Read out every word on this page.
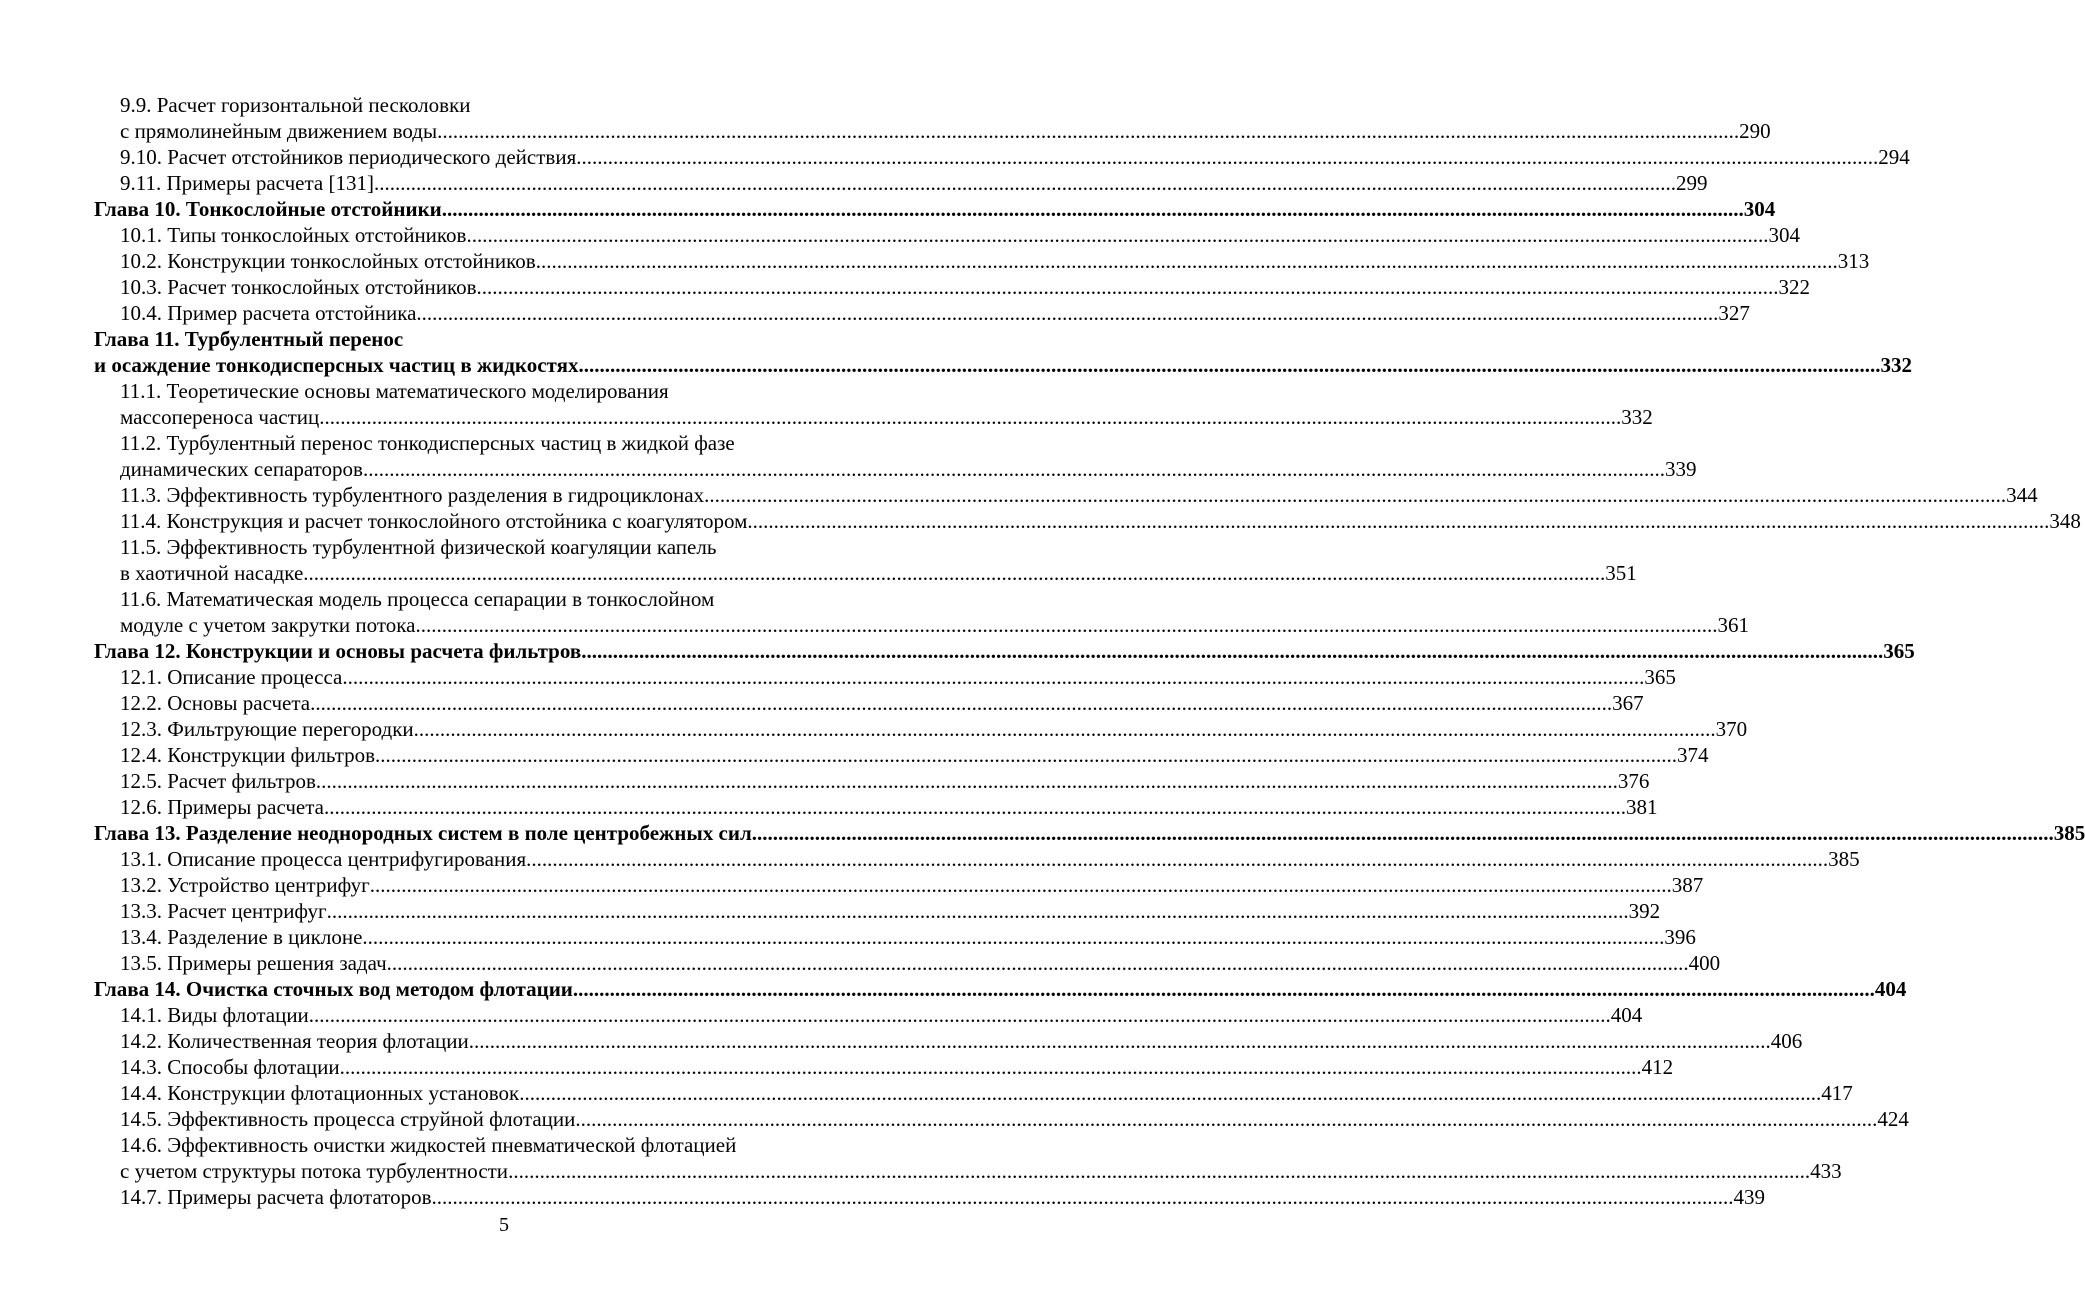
9.9. Расчет горизонтальной песколовки
с прямолинейным движением воды .....	290
9.10. Расчет отстойников периодического действия .....	294
9.11. Примеры расчета [131] .....	299
Глава 10. Тонкослойные отстойники .....	304
10.1. Типы тонкослойных отстойников .....	304
10.2. Конструкции тонкослойных отстойников .....	313
10.3. Расчет тонкослойных отстойников .....	322
10.4. Пример расчета отстойника .....	327
Глава 11. Турбулентный перенос
и осаждение тонкодисперсных частиц в жидкостях .....	332
11.1. Теоретические основы математического моделирования
массопереноса частиц .....	332
11.2. Турбулентный перенос тонкодисперсных частиц в жидкой фазе
динамических сепараторов .....	339
11.3. Эффективность турбулентного разделения в гидроциклонах .....	344
11.4. Конструкция и расчет тонкослойного отстойника с коагулятором .....	348
11.5. Эффективность турбулентной физической коагуляции капель
в хаотичной насадке .....	351
11.6. Математическая модель процесса сепарации в тонкослойном
модуле с учетом закрутки потока .....	361
Глава 12. Конструкции и основы расчета фильтров .....	365
12.1. Описание процесса .....	365
12.2. Основы расчета .....	367
12.3. Фильтрующие перегородки .....	370
12.4. Конструкции фильтров .....	374
12.5. Расчет фильтров .....	376
12.6. Примеры расчета .....	381
Глава 13. Разделение неоднородных систем в поле центробежных сил .....	385
13.1. Описание процесса центрифугирования .....	385
13.2. Устройство центрифуг .....	387
13.3. Расчет центрифуг .....	392
13.4. Разделение в циклоне .....	396
13.5. Примеры решения задач .....	400
Глава 14. Очистка сточных вод методом флотации .....	404
14.1. Виды флотации .....	404
14.2. Количественная теория флотации .....	406
14.3. Способы флотации .....	412
14.4. Конструкции флотационных установок .....	417
14.5. Эффективность процесса струйной флотации .....	424
14.6. Эффективность очистки жидкостей пневматической флотацией
с учетом структуры потока турбулентности .....	433
14.7. Примеры расчета флотаторов .....	439
5
